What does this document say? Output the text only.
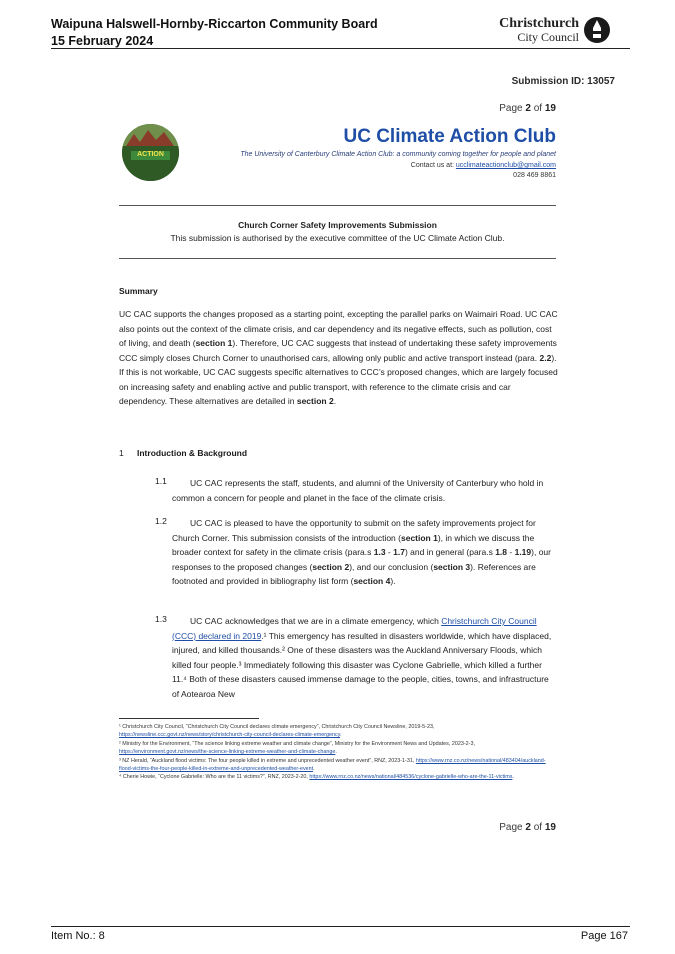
Waipuna Halswell-Hornby-Riccarton Community Board
15 February 2024
Christchurch
City Council
Submission ID: 13057
Page 2 of 19
ACTION
UC Climate Action Club
The University of Canterbury Climate Action Club: a community coming together for people and planet
Contact us at: ucclimateactionclub@gmail.com
028 469 8861
Church Corner Safety Improvements Submission
This submission is authorised by the executive committee of the UC Climate Action Club.
Summary
UC CAC supports the changes proposed as a starting point, excepting the parallel parks on Waimairi Road. UC CAC also points out the context of the climate crisis, and car dependency and its negative effects, such as pollution, cost of living, and death (section 1). Therefore, UC CAC suggests that instead of undertaking these safety improvements CCC simply closes Church Corner to unauthorised cars, allowing only public and active transport instead (para. 2.2). If this is not workable, UC CAC suggests specific alternatives to CCC’s proposed changes, which are largely focused on increasing safety and enabling active and public transport, with reference to the climate crisis and car dependency. These alternatives are detailed in section 2.
1 Introduction & Background
1.1	UC CAC represents the staff, students, and alumni of the University of Canterbury who hold in common a concern for people and planet in the face of the climate crisis.
1.2	UC CAC is pleased to have the opportunity to submit on the safety improvements project for Church Corner. This submission consists of the introduction (section 1), in which we discuss the broader context for safety in the climate crisis (para.s 1.3 - 1.7) and in general (para.s 1.8 - 1.19), our responses to the proposed changes (section 2), and our conclusion (section 3). References are footnoted and provided in bibliography list form (section 4).
1.3	UC CAC acknowledges that we are in a climate emergency, which Christchurch City Council (CCC) declared in 2019.¹ This emergency has resulted in disasters worldwide, which have displaced, injured, and killed thousands.² One of these disasters was the Auckland Anniversary Floods, which killed four people.³ Immediately following this disaster was Cyclone Gabrielle, which killed a further 11.⁴ Both of these disasters caused immense damage to the people, cities, towns, and infrastructure of Aotearoa New
¹ Christchurch City Council, “Christchurch City Council declares climate emergency”, Christchurch City Council Newsline, 2019-5-23, https://newsline.ccc.govt.nz/news/story/christchurch-city-council-declares-climate-emergency.
² Ministry for the Environment, “The science linking extreme weather and climate change”, Ministry for the Environment News and Updates, 2023-2-3, https://environment.govt.nz/news/the-science-linking-extreme-weather-and-climate-change.
³ NZ Herald, “Auckland flood victims: The four people killed in extreme and unprecedented weather event”, RNZ, 2023-1-31, https://www.rnz.co.nz/news/national/483404/auckland-flood-victims-the-four-people-killed-in-extreme-and-unprecedented-weather-event.
⁴ Cherie Howie, “Cyclone Gabrielle: Who are the 11 victims?”, RNZ, 2023-2-20, https://www.rnz.co.nz/news/national/484536/cyclone-gabrielle-who-are-the-11-victims.
Page 2 of 19
Item No.: 8	Page 167
